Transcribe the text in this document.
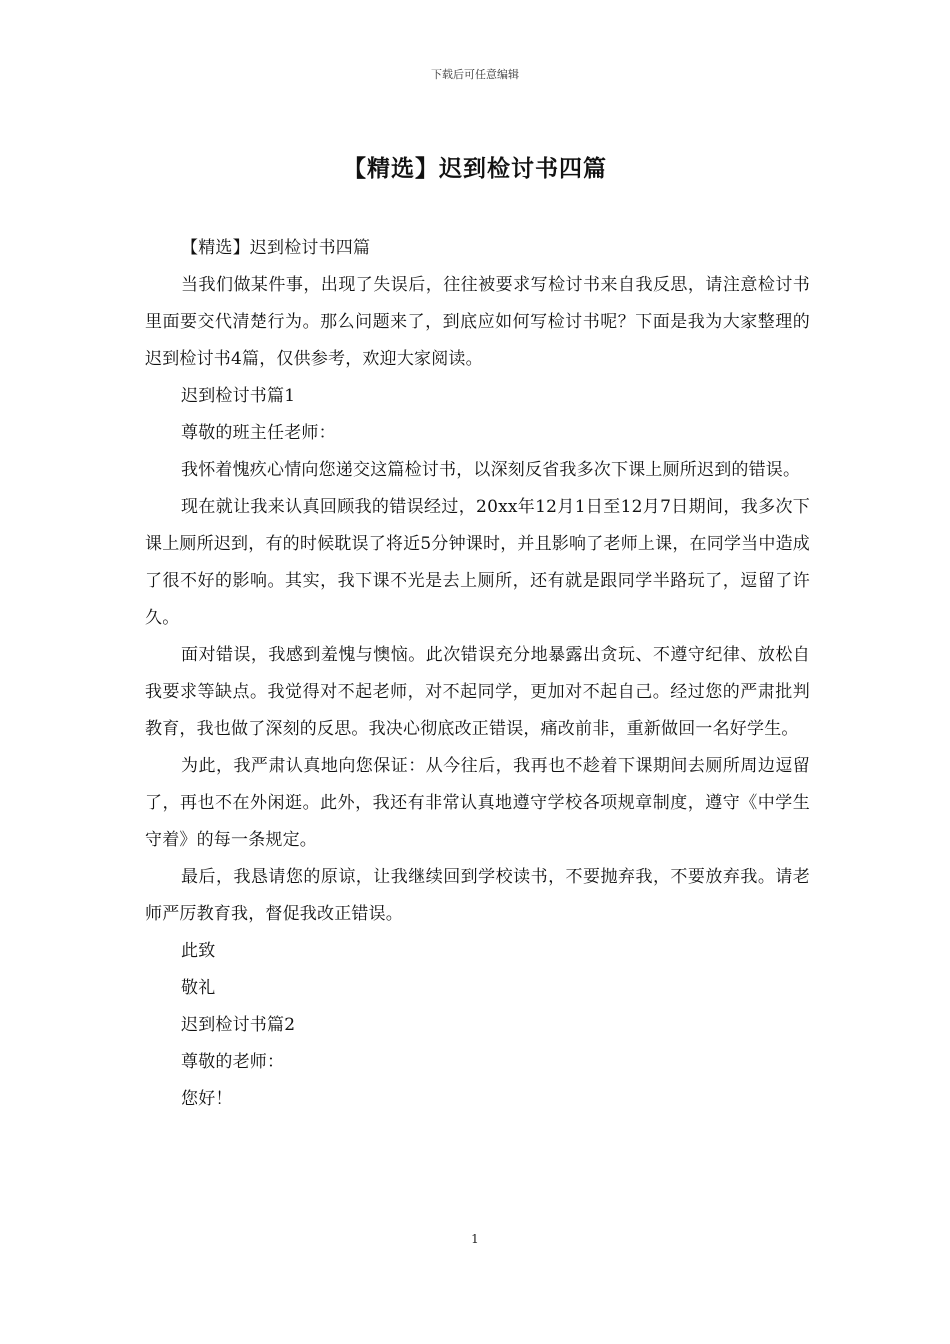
下载后可任意编辑
【精选】迟到检讨书四篇

【精选】迟到检讨书四篇

当我们做某件事，出现了失误后，往往被要求写检讨书来自我反思，请注意检讨书里面要交代清楚行为。那么问题来了，到底应如何写检讨书呢？下面是我为大家整理的迟到检讨书4篇，仅供参考，欢迎大家阅读。

迟到检讨书篇1

尊敬的班主任老师：

我怀着愧疚心情向您递交这篇检讨书，以深刻反省我多次下课上厕所迟到的错误。

现在就让我来认真回顾我的错误经过，20xx年12月1日至12月7日期间，我多次下课上厕所迟到，有的时候耽误了将近5分钟课时，并且影响了老师上课，在同学当中造成了很不好的影响。其实，我下课不光是去上厕所，还有就是跟同学半路玩了，逗留了许久。

面对错误，我感到羞愧与懊恼。此次错误充分地暴露出贪玩、不遵守纪律、放松自我要求等缺点。我觉得对不起老师，对不起同学，更加对不起自己。经过您的严肃批判教育，我也做了深刻的反思。我决心彻底改正错误，痛改前非，重新做回一名好学生。

为此，我严肃认真地向您保证：从今往后，我再也不趁着下课期间去厕所周边逗留了，再也不在外闲逛。此外，我还有非常认真地遵守学校各项规章制度，遵守《中学生守着》的每一条规定。

最后，我恳请您的原谅，让我继续回到学校读书，不要抛弃我，不要放弃我。请老师严厉教育我，督促我改正错误。

此致

敬礼

迟到检讨书篇2

尊敬的老师：

您好！

1
